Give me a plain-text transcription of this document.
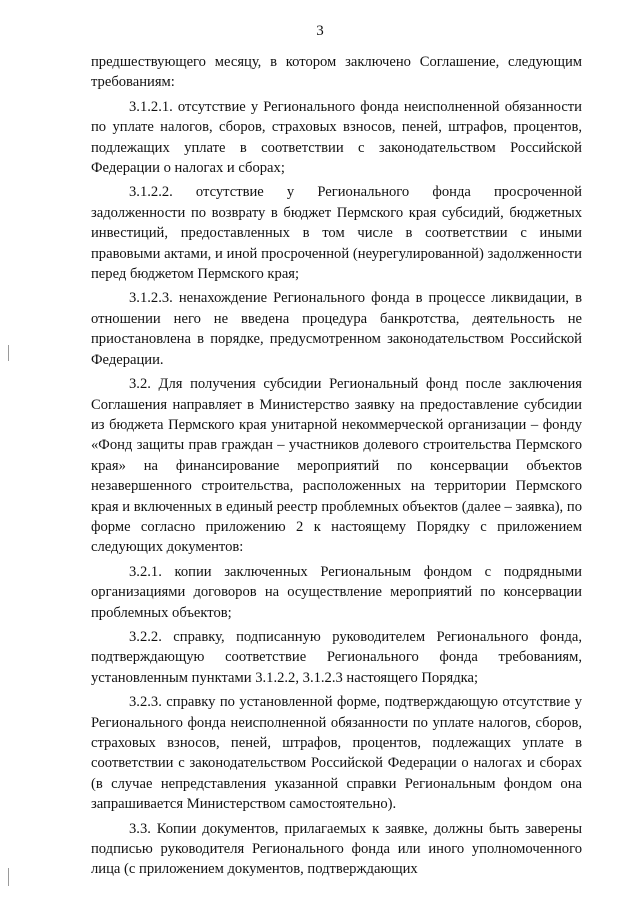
3

предшествующего месяцу, в котором заключено Соглашение, следующим требованиям:

3.1.2.1. отсутствие у Регионального фонда неисполненной обязанности по уплате налогов, сборов, страховых взносов, пеней, штрафов, процентов, подлежащих уплате в соответствии с законодательством Российской Федерации о налогах и сборах;

3.1.2.2. отсутствие у Регионального фонда просроченной задолженности по возврату в бюджет Пермского края субсидий, бюджетных инвестиций, предоставленных в том числе в соответствии с иными правовыми актами, и иной просроченной (неурегулированной) задолженности перед бюджетом Пермского края;

3.1.2.3. ненахождение Регионального фонда в процессе ликвидации, в отношении него не введена процедура банкротства, деятельность не приостановлена в порядке, предусмотренном законодательством Российской Федерации.

3.2. Для получения субсидии Региональный фонд после заключения Соглашения направляет в Министерство заявку на предоставление субсидии из бюджета Пермского края унитарной некоммерческой организации – фонду «Фонд защиты прав граждан – участников долевого строительства Пермского края» на финансирование мероприятий по консервации объектов незавершенного строительства, расположенных на территории Пермского края и включенных в единый реестр проблемных объектов (далее – заявка), по форме согласно приложению 2 к настоящему Порядку с приложением следующих документов:

3.2.1. копии заключенных Региональным фондом с подрядными организациями договоров на осуществление мероприятий по консервации проблемных объектов;

3.2.2. справку, подписанную руководителем Регионального фонда, подтверждающую соответствие Регионального фонда требованиям, установленным пунктами 3.1.2.2, 3.1.2.3 настоящего Порядка;

3.2.3. справку по установленной форме, подтверждающую отсутствие у Регионального фонда неисполненной обязанности по уплате налогов, сборов, страховых взносов, пеней, штрафов, процентов, подлежащих уплате в соответствии с законодательством Российской Федерации о налогах и сборах (в случае непредставления указанной справки Региональным фондом она запрашивается Министерством самостоятельно).

3.3. Копии документов, прилагаемых к заявке, должны быть заверены подписью руководителя Регионального фонда или иного уполномоченного лица (с приложением документов, подтверждающих
